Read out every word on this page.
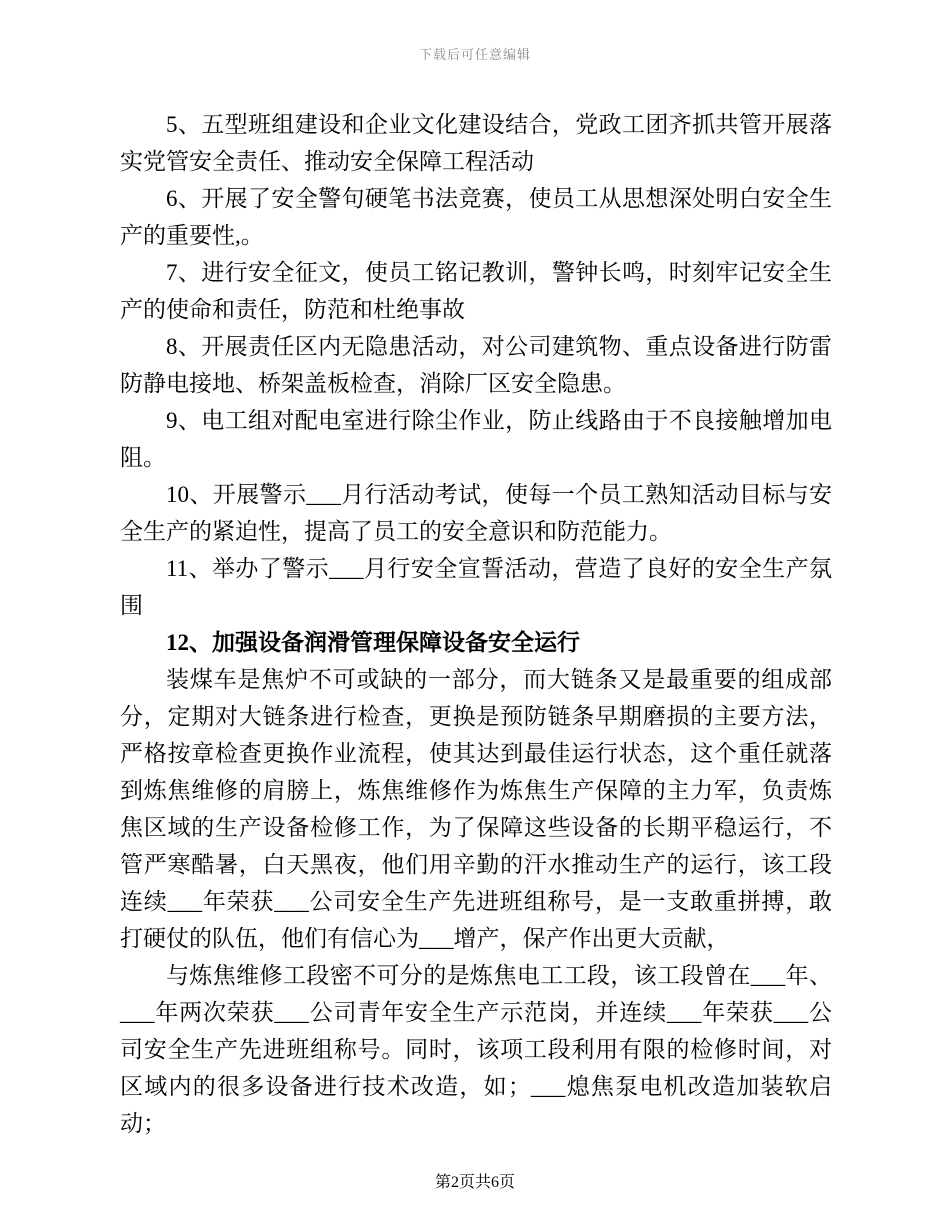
下载后可任意编辑

5、五型班组建设和企业文化建设结合，党政工团齐抓共管开展落实党管安全责任、推动安全保障工程活动

6、开展了安全警句硬笔书法竞赛，使员工从思想深处明白安全生产的重要性,。

7、进行安全征文，使员工铭记教训，警钟长鸣，时刻牢记安全生产的使命和责任，防范和杜绝事故

8、开展责任区内无隐患活动，对公司建筑物、重点设备进行防雷防静电接地、桥架盖板检查，消除厂区安全隐患。

9、电工组对配电室进行除尘作业，防止线路由于不良接触增加电阻。

10、开展警示___月行活动考试，使每一个员工熟知活动目标与安全生产的紧迫性，提高了员工的安全意识和防范能力。

11、举办了警示___月行安全宣誓活动，营造了良好的安全生产氛围

12、加强设备润滑管理保障设备安全运行

装煤车是焦炉不可或缺的一部分，而大链条又是最重要的组成部分，定期对大链条进行检查，更换是预防链条早期磨损的主要方法，严格按章检查更换作业流程，使其达到最佳运行状态，这个重任就落到炼焦维修的肩膀上，炼焦维修作为炼焦生产保障的主力军，负责炼焦区域的生产设备检修工作，为了保障这些设备的长期平稳运行，不管严寒酷暑，白天黑夜，他们用辛勤的汗水推动生产的运行，该工段连续___年荣获___公司安全生产先进班组称号，是一支敢重拼搏，敢打硬仗的队伍，他们有信心为___增产，保产作出更大贡献，

与炼焦维修工段密不可分的是炼焦电工工段，该工段曾在___年、___年两次荣获___公司青年安全生产示范岗，并连续___年荣获___公司安全生产先进班组称号。同时，该项工段利用有限的检修时间，对区域内的很多设备进行技术改造，如；___熄焦泵电机改造加装软启动；

第2页共6页
